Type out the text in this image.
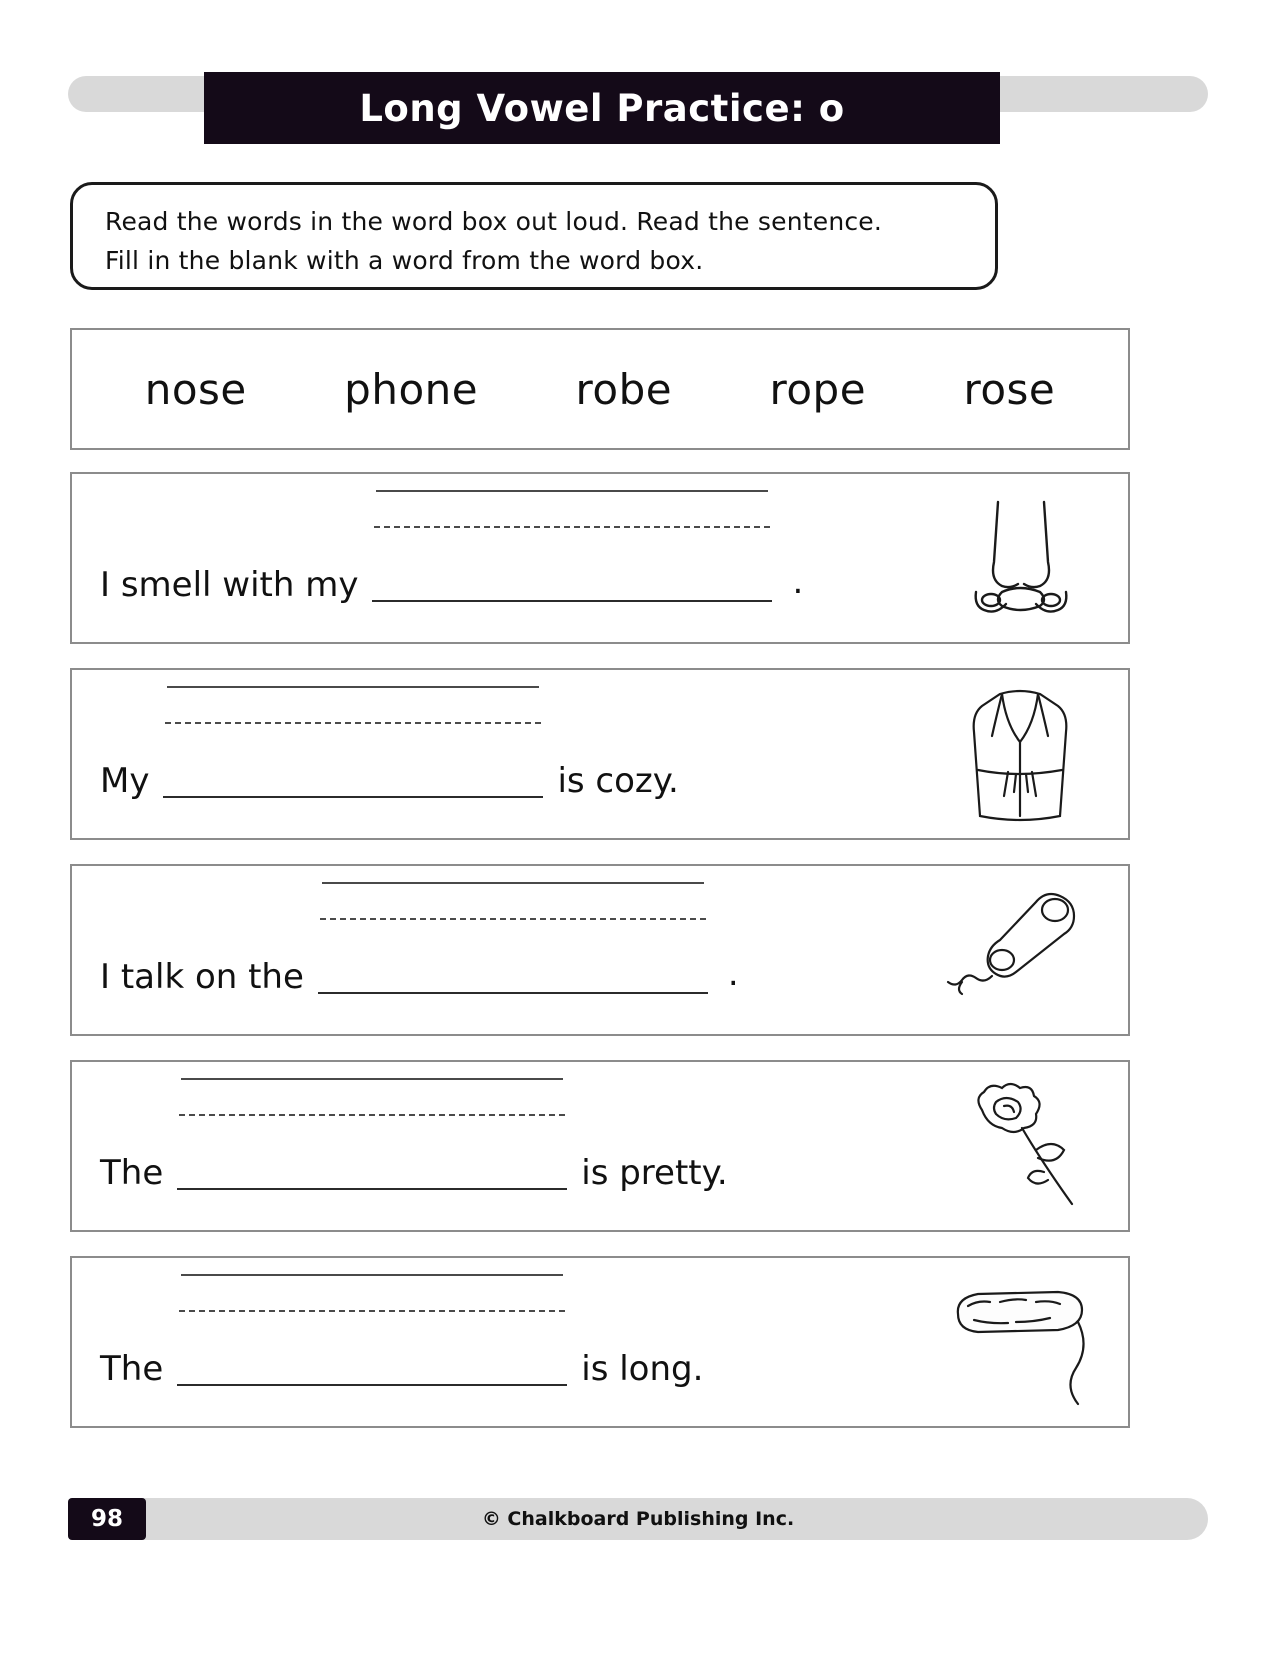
Long Vowel Practice: o

Read the words in the word box out loud. Read the sentence.

Fill in the blank with a word from the word box.

nose phone robe rope rose
I smell with my	.
My	is cozy.
I talk on the	.
The	is pretty.
The	is long.
© Chalkboard Publishing Inc.
98
